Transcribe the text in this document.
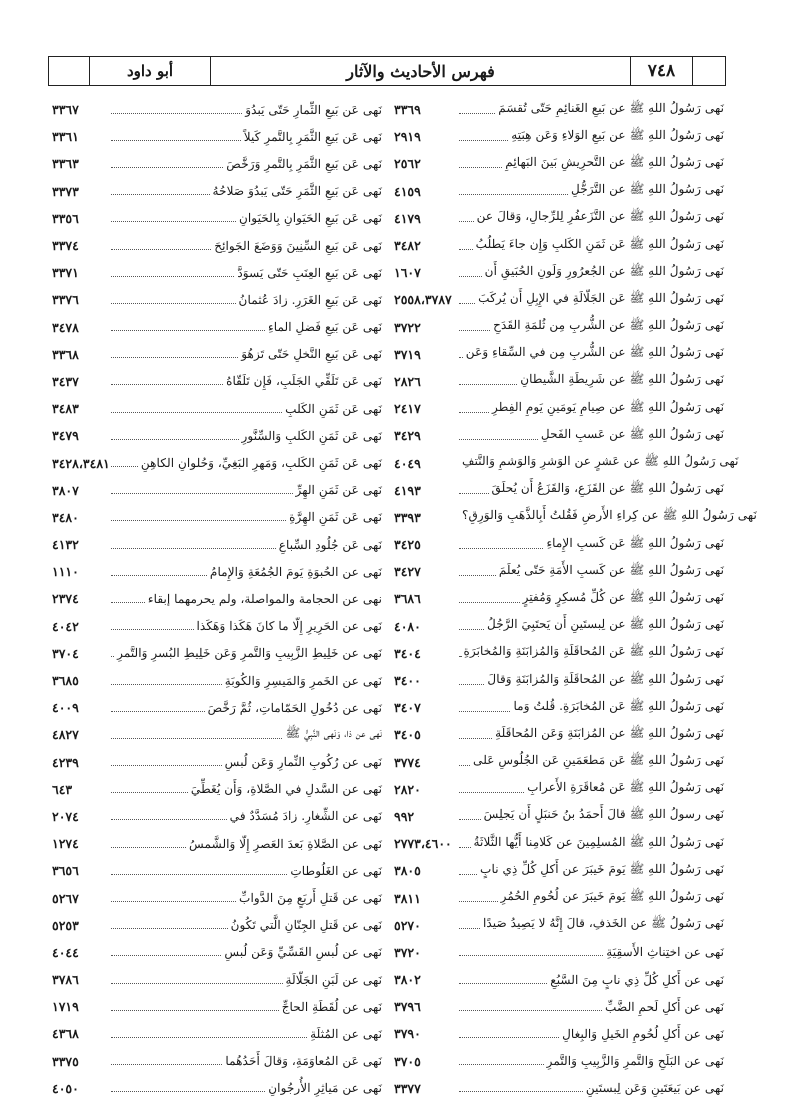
٧٤٨
فهرس الأحاديث والآثار
أبو داود
٣٣٦٧	نَهى عَن بَيعِ الثِّمارِ حَتّى يَبدُوَ
٣٣٦١	نَهى عَن بَيعِ الثَّمَرِ بِالتَّمرِ كَيلاً
٣٣٦٣	نَهى عَن بَيعِ الثَّمَرِ بِالتَّمرِ وَرَخَّصَ
٣٣٧٣	نَهى عَن بَيعِ الثَّمَرِ حَتّى يَبدُوَ صَلاحُهُ
٣٣٥٦	نَهى عَن بَيعِ الحَيَوانِ بِالحَيَوانِ
٣٣٧٤	نَهى عَن بَيعِ السِّنِينَ وَوَضَعَ الجَوائِحَ
٣٣٧١	نَهى عَن بَيعِ العِنَبِ حَتّى يَسوَدَّ
٣٣٧٦	نَهى عَن بَيعِ الغَرَرِ. زادَ عُثمانُ
٣٤٧٨	نَهى عَن بَيعِ فَضلِ الماءِ
٣٣٦٨	نَهى عَن بَيعِ النَّخلِ حَتّى تَزهُوَ
٣٤٣٧	نَهى عَن تَلَقِّي الجَلَبِ، فَإِن تَلَقّاهُ
٣٤٨٣	نَهى عَن ثَمَنِ الكَلبِ
٣٤٧٩	نَهى عَن ثَمَنِ الكَلبِ وَالسِّنَّورِ
٣٤٢٨،٣٤٨١	نَهى عَن ثَمَنِ الكَلبِ، وَمَهرِ البَغِيِّ، وَحُلوانِ الكاهِنِ
٣٨٠٧	نَهى عَن ثَمَنِ الهِرِّ
٣٤٨٠	نَهى عَن ثَمَنِ الهِرَّةِ
٤١٣٢	نَهى عَن جُلُودِ السِّباعِ
١١١٠	نَهى عن الحُبوَةِ يَومَ الجُمُعَةِ وَالإِمامُ
٢٣٧٤	نهى عن الحجامة والمواصلة، ولم يحرمهما إبقاء
٤٠٤٢	نَهى عن الحَرِيرِ إِلّا ما كانَ هَكَذا وَهَكَذا
٣٧٠٤	نَهى عن خَلِيطِ الزَّبِيبِ وَالتَّمرِ وَعَن خَلِيطِ البُسرِ وَالتَّمرِ
٣٦٨٥	نَهى عن الخَمرِ وَالمَيسِرِ وَالكُوبَةِ
٤٠٠٩	نَهى عن دُخُولِ الحَمّاماتِ، ثُمَّ رَخَّصَ
٤٨٢٧	نَهى عن ذا، وَنَهى النَّبِيُّ ﷺ
٤٢٣٩	نَهى عن رُكُوبِ النِّمارِ وَعَن لُبسِ
٦٤٣	نَهى عن السَّدلِ في الصَّلاةِ، وَأَن يُغَطِّيَ
٢٠٧٤	نَهى عن الشِّغارِ. زادَ مُسَدَّدٌ في
١٢٧٤	نَهى عن الصَّلاةِ بَعدَ العَصرِ إِلّا وَالشَّمسُ
٣٦٥٦	نَهى عن الغَلُوطاتِ
٥٢٦٧	نَهى عن قَتلِ أَربَعٍ مِنَ الدَّوابِّ
٥٢٥٣	نَهى عن قَتلِ الجِنّانِ الَّتي تَكُونُ
٤٠٤٤	نَهى عن لُبسِ القَسِّيِّ وَعَن لُبسِ
٣٧٨٦	نَهى عن لَبَنِ الجَلّالَةِ
١٧١٩	نَهى عن لُقَطَةِ الحاجِّ
٤٣٦٨	نَهى عن المُثلَةِ
٣٣٧٥	نَهى عَن المُعاوَمَةِ، وَقالَ أَحَدُهُما
٤٠٥٠	نَهى عن مَياثِرِ الأُرجُوانِ
٣٣٦٩	نَهى رَسُولُ اللهِ ﷺ عن بَيعِ الغَنائِمِ حَتّى تُقسَمَ
٢٩١٩	نَهى رَسُولُ اللهِ ﷺ عن بَيعِ الوَلاءِ وَعَن هِبَتِهِ
٢٥٦٢	نَهى رَسُولُ اللهِ ﷺ عن التَّحرِيشِ بَينَ البَهائِمِ
٤١٥٩	نَهى رَسُولُ اللهِ ﷺ عن التَّرَجُّلِ
٤١٧٩	نَهى رَسُولُ اللهِ ﷺ عن التَّزَعفُرِ لِلرِّجالِ، وَقالَ عن
٣٤٨٢	نَهى رَسُولُ اللهِ ﷺ عَن ثَمَنِ الكَلبِ وَإِن جاءَ يَطلُبُ
١٦٠٧	نَهى رَسُولُ اللهِ ﷺ عن الجُعرُورِ وَلَونِ الحُبَيقِ أَن
٢٥٥٨،٣٧٨٧	نَهى رَسُولُ اللهِ ﷺ عَن الجَلّالَةِ في الإِبِلِ أَن يُركَبَ
٣٧٢٢	نَهى رَسُولُ اللهِ ﷺ عن الشُّربِ مِن ثُلمَةِ القَدَحِ
٣٧١٩	نَهى رَسُولُ اللهِ ﷺ عن الشُّربِ مِن في السِّقاءِ وَعَن
٢٨٢٦	نَهى رَسُولُ اللهِ ﷺ عن شَرِيطَةِ الشَّيطانِ
٢٤١٧	نَهى رَسُولُ اللهِ ﷺ عن صِيامِ يَومَينِ يَومِ الفِطرِ
٣٤٢٩	نَهى رَسُولُ اللهِ ﷺ عن عَسبِ الفَحلِ
٤٠٤٩	نَهى رَسُولُ اللهِ ﷺ عن عَشرٍ عن الوَشرِ وَالوَشمِ وَالنَّتفِ
٤١٩٣	نَهى رَسُولُ اللهِ ﷺ عن القَزَعِ، وَالقَزَعُ أَن يُحلَقَ
٣٣٩٣	نَهى رَسُولُ اللهِ ﷺ عن كِراءِ الأَرضِ فَقُلتُ أَبِالذَّهَبِ وَالوَرِقِ؟
٣٤٢٥	نَهى رَسُولُ اللهِ ﷺ عَن كَسبِ الإِماءِ
٣٤٢٧	نَهى رَسُولُ اللهِ ﷺ عن كَسبِ الأَمَةِ حَتّى يُعلَمَ
٣٦٨٦	نَهى رَسُولُ اللهِ ﷺ عن كُلِّ مُسكِرٍ وَمُفتِرٍ
٤٠٨٠	نَهى رَسُولُ اللهِ ﷺ عن لِبستَينِ أَن يَحتَبِيَ الرَّجُلُ
٣٤٠٤	نَهى رَسُولُ اللهِ ﷺ عَن المُحاقَلَةِ وَالمُزابَنَةِ وَالمُخابَرَةِ
٣٤٠٠	نَهى رَسُولُ اللهِ ﷺ عن المُحاقَلَةِ وَالمُزابَنَةِ وَقالَ
٣٤٠٧	نَهى رَسُولُ اللهِ ﷺ عَن المُخابَرَةِ. قُلتُ وَما
٣٤٠٥	نَهى رَسُولُ اللهِ ﷺ عن المُزابَنَةِ وَعَن المُحاقَلَةِ
٣٧٧٤	نَهى رَسُولُ اللهِ ﷺ عَن مَطعَمَينِ عَن الجُلُوسِ عَلى
٢٨٢٠	نَهى رَسُولُ اللهِ ﷺ عَن مُعاقَرَةِ الأَعرابِ
٩٩٢	نَهى رسولُ اللهِ ﷺ قالَ أَحمَدُ بنُ حَنبَلٍ أَن يَجلِسَ
٢٧٧٣،٤٦٠٠	نَهى رَسُولُ اللهِ ﷺ المُسلِمِينَ عن كَلامِنا أَيُّها الثَّلاثَةُ
٣٨٠٥	نَهى رَسُولُ اللهِ ﷺ يَومَ خَيبَرَ عن أَكلِ كُلِّ ذِي نابٍ
٣٨١١	نَهى رَسُولُ اللهِ ﷺ يَومَ خَيبَرَ عن لُحُومِ الحُمُرِ
٥٢٧٠	نَهى رَسُولُ ﷺ عن الخَذفِ، قالَ إِنَّهُ لا يَصِيدُ صَيدًا
٣٧٢٠	نَهى عن اختِناثِ الأَسقِيَةِ
٣٨٠٢	نَهى عن أَكلِ كُلِّ ذِي نابٍ مِنَ السَّبُعِ
٣٧٩٦	نَهى عن أَكلِ لَحمِ الضَّبِّ
٣٧٩٠	نَهى عن أَكلِ لُحُومِ الخَيلِ وَالبِغالِ
٣٧٠٥	نَهى عن البَلَحِ وَالتَّمرِ وَالزَّبِيبِ وَالتَّمرِ
٣٣٧٧	نَهى عن بَيعَتَينِ وَعَن لِبستَينِ
